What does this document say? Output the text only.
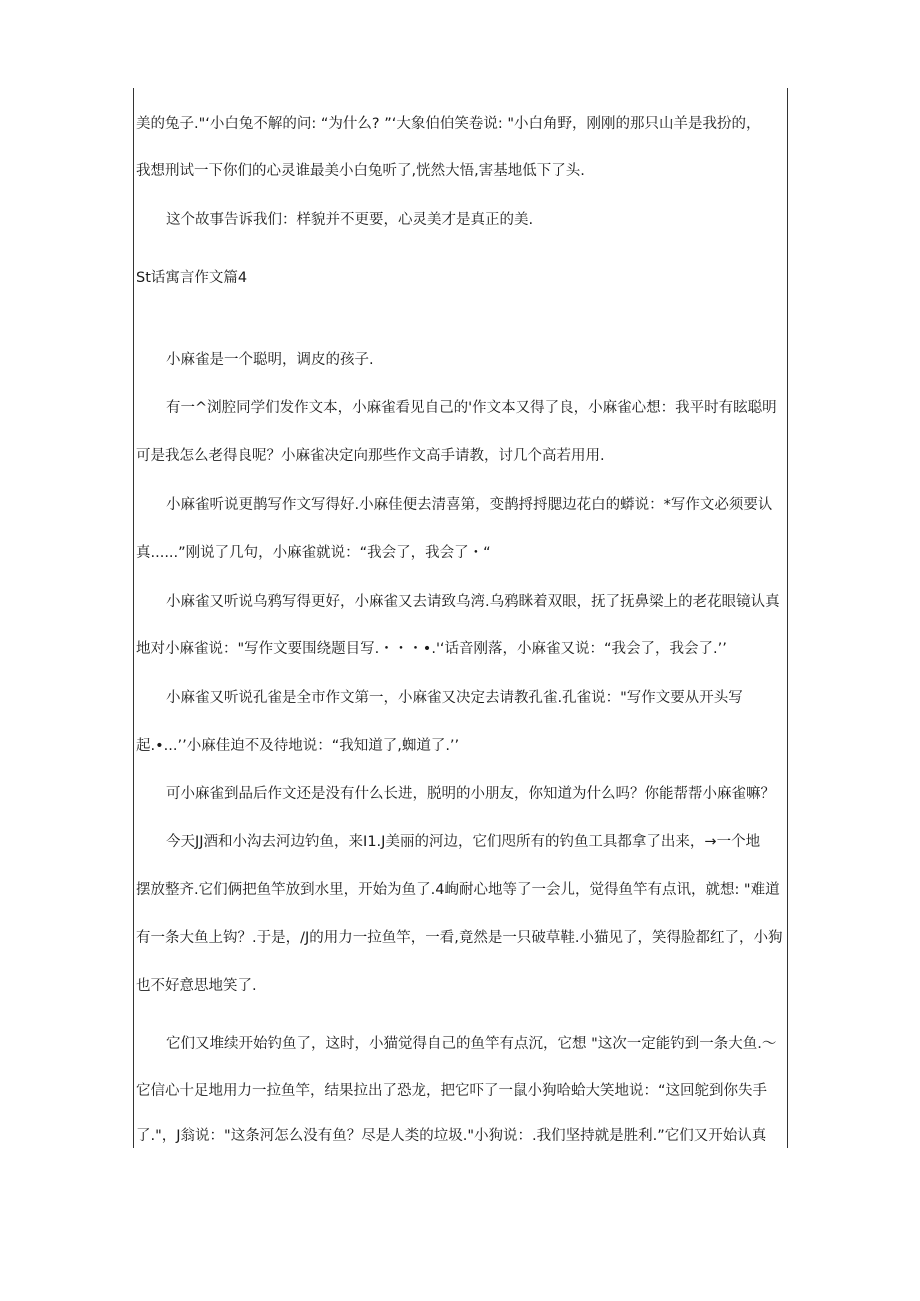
美的兔子."‘小白兔不解的问: “为什么? ”‘大象伯伯笑卷说: "小白角野，刚刚的那只山羊是我扮的，
我想刑试一下你们的心灵谁最美小白兔听了,恍然大悟,害基地低下了头.
这个故事告诉我们：样貌并不更要，心灵美才是真正的美.
St话寓言作文篇4
小麻雀是一个聪明，调皮的孩子.
有一^浏腔同学们发作文本，小麻雀看见自己的'作文本又得了良，小麻雀心想：我平时有眩聪明
可是我怎么老得良呢？小麻雀决定向那些作文高手请教，讨几个高若用用.
小麻雀听说更鹊写作文写得好.小麻佳便去清喜第，变鹊捋捋腮边花白的蟒说：*写作文必须要认
真......”刚说了几句，小麻雀就说：“我会了，我会了・“
小麻雀又听说乌鸦写得更好，小麻雀又去请致乌湾.乌鸦眯着双眼，抚了抚鼻梁上的老花眼镜认真
地对小麻雀说："写作文要围绕题目写.・・・•.'‘话音刚落，小麻雀又说：“我会了，我会了.’’
小麻雀又听说孔雀是全市作文第一，小麻雀又决定去请教孔雀.孔雀说："写作文要从开头写
起.•...’’小麻佳迫不及待地说：“我知道了,蜘道了.’’
可小麻雀到品后作文还是没有什么长进，脱明的小朋友，你知道为什么吗？你能帮帮小麻雀嘛？
今天JJ酒和小沟去河边钓鱼，来I1.J美丽的河边，它们咫所有的钓鱼工具都拿了出来，→一个地
摆放整齐.它们俩把鱼竿放到水里，开始为鱼了.4峋耐心地等了一会儿，觉得鱼竿有点讯，就想: "难道
有一条大鱼上钩？.于是，/J的用力一拉鱼竿，一看,竟然是一只破草鞋.小猫见了，笑得脸都红了，小狗
也不好意思地笑了.
它们又堆续开始钓鱼了，这时，小猫觉得自己的鱼竿有点沉，它想 "这次一定能钓到一条大鱼.〜
它信心十足地用力一拉鱼竿，结果拉出了恐龙，把它吓了一鼠小狗哈蛤大笑地说：“这回鸵到你失手
了."，J翁说："这条河怎么没有鱼？尽是人类的垃圾."小狗说：.我们坚持就是胜利.”它们又开始认真
